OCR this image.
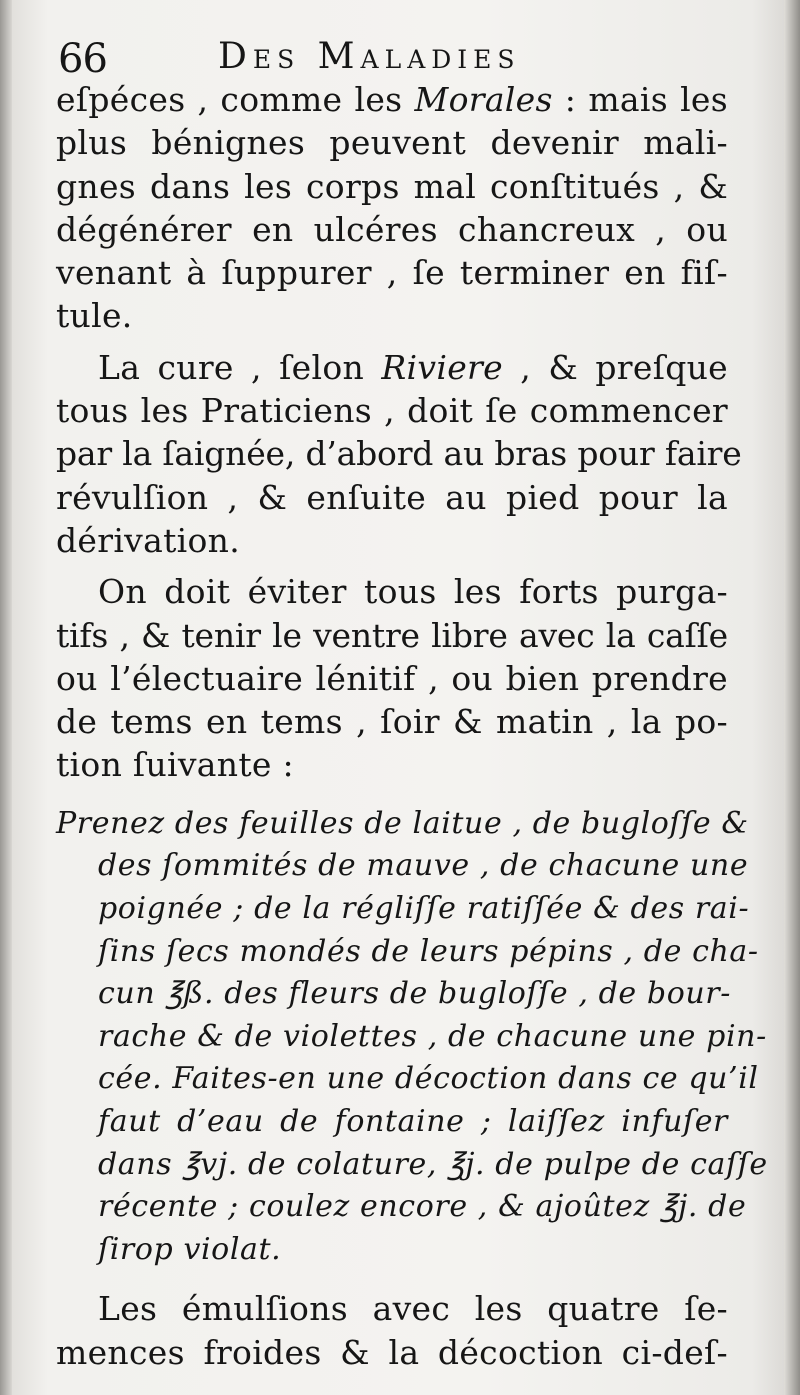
66	Des Maladies
eſpéces , comme les Morales : mais les
plus bénignes peuvent devenir mali-
gnes dans les corps mal conſtitués , &
dégénérer en ulcéres chancreux , ou
venant à ſuppurer , ſe terminer en fiſ-
tule.
La cure , ſelon Riviere , & preſque
tous les Praticiens , doit ſe commencer
par la ſaignée, d’abord au bras pour faire
révulſion , & enſuite au pied pour la
dérivation.
On doit éviter tous les forts purga-
tifs , & tenir le ventre libre avec la caſſe
ou l’électuaire lénitif , ou bien prendre
de tems en tems , ſoir & matin , la po-
tion ſuivante :
Prenez des feuilles de laitue , de bugloſſe &
des ſommités de mauve , de chacune une
poignée ; de la régliſſe ratiſſée & des rai-
ſins ſecs mondés de leurs pépins , de cha-
cun ℥ß. des fleurs de bugloſſe , de bour-
rache & de violettes , de chacune une pin-
cée. Faites-en une décoction dans ce qu’il
faut d’eau de fontaine ; laiſſez infuſer
dans ℥vj. de colature, ℥j. de pulpe de caſſe
récente ; coulez encore , & ajoûtez ℥j. de
ſirop violat.
Les émulſions avec les quatre ſe-
mences froides & la décoction ci-deſ-
